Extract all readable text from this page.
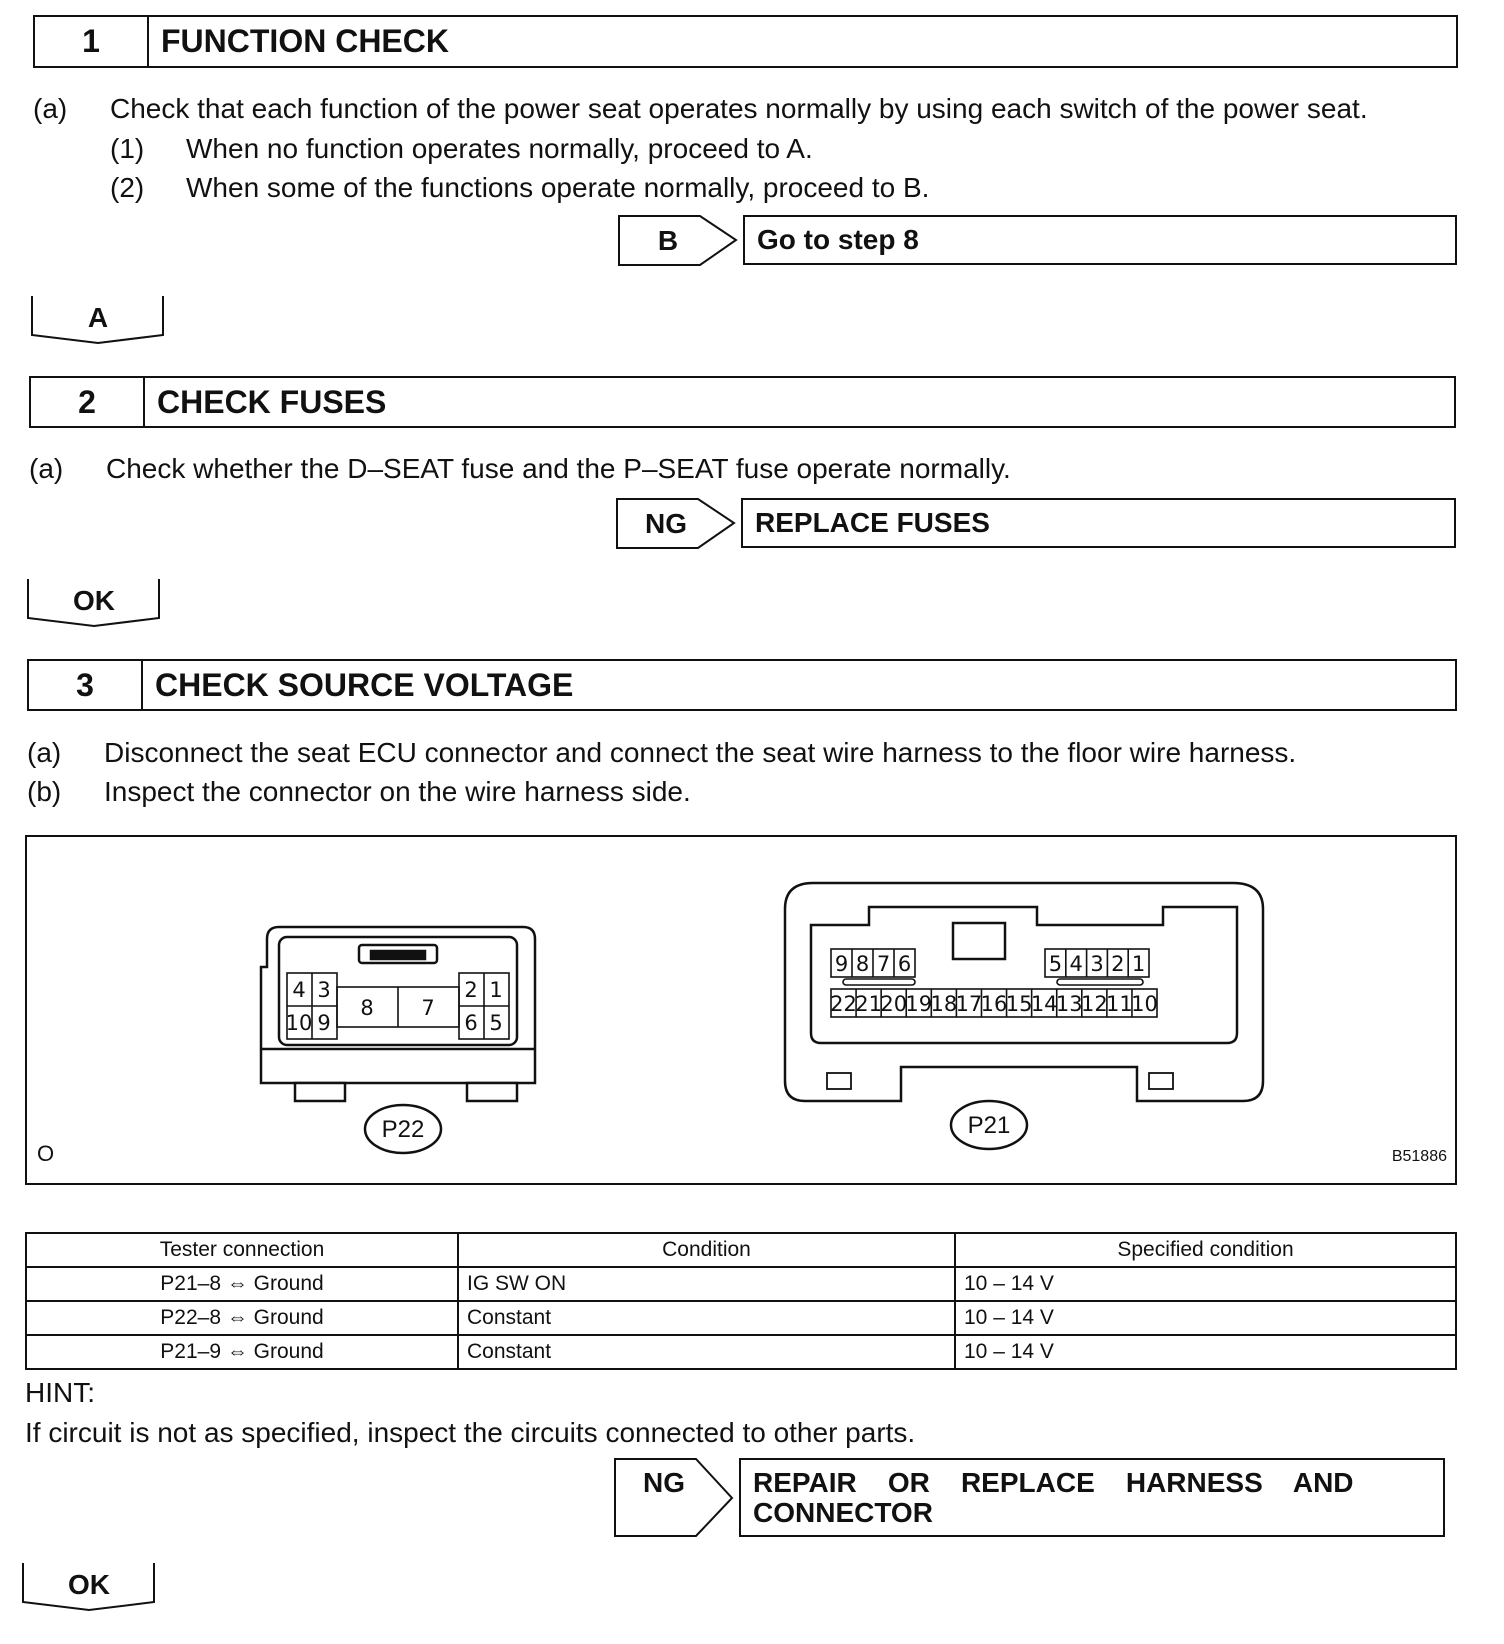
1	FUNCTION CHECK
(a) Check that each function of the power seat operates normally by using each switch of the power seat.
(1) When no function operates normally, proceed to A.
(2) When some of the functions operate normally, proceed to B.
B	Go to step 8
A
2	CHECK FUSES
(a) Check whether the D–SEAT fuse and the P–SEAT fuse operate normally.
NG	REPLACE FUSES
OK
3	CHECK SOURCE VOLTAGE
(a) Disconnect the seat ECU connector and connect the seat wire harness to the floor wire harness.
(b) Inspect the connector on the wire harness side.
4 3	2 1
10 9	6 5
8 7
P22
9 8 7 6	5 4 3 2 1
22
21
20
19
18
17
16
15
14
13
12
11
10
P21
O	B51886
Tester connection	Condition	Specified condition
P21–8 ⇔ Ground	IG SW ON	10 – 14 V
P22–8 ⇔ Ground	Constant	10 – 14 V
P21–9 ⇔ Ground	Constant	10 – 14 V
HINT:
If circuit is not as specified, inspect the circuits connected to other parts.
NG	REPAIR    OR    REPLACE    HARNESS    AND
CONNECTOR
OK
